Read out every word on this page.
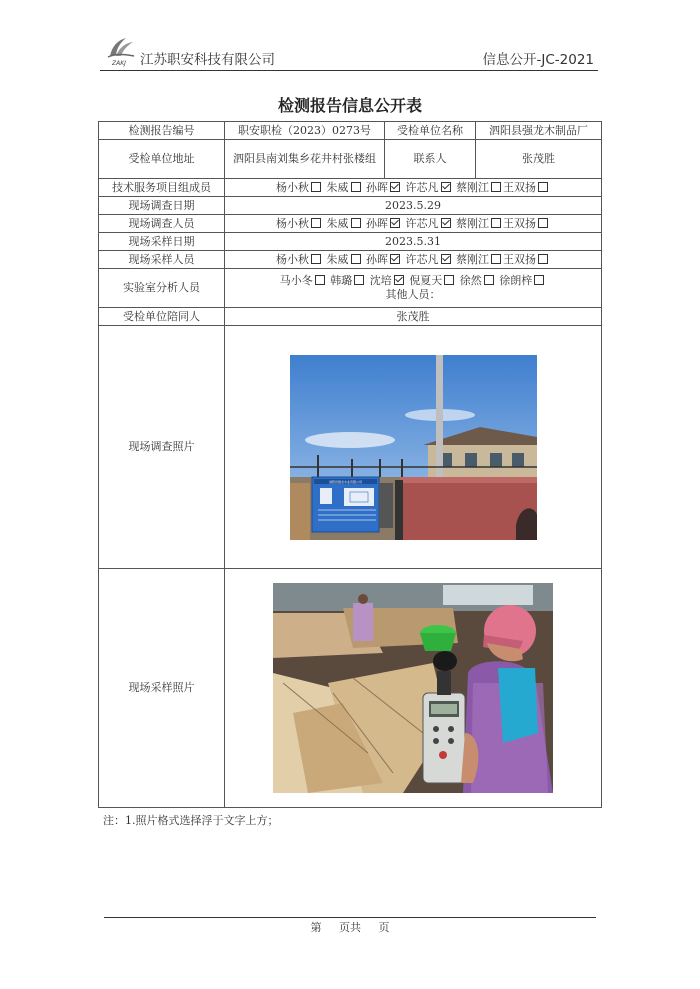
ZAKJ 江苏职安科技有限公司	信息公开-JC-2021
检测报告信息公开表
检测报告编号	职安职检（2023）0273号	受检单位名称	泗阳县强龙木制品厂
受检单位地址	泗阳县南刘集乡花井村张楼组	联系人	张茂胜
技术服务项目组成员	杨小秋 朱威 孙晖 许芯凡 蔡刚江 王双扬		
现场调查日期	2023.5.29		
现场调查人员	杨小秋 朱威 孙晖 许芯凡 蔡刚江 王双扬		
现场采样日期	2023.5.31		
现场采样人员	杨小秋 朱威 孙晖 许芯凡 蔡刚江 王双扬		
实验室分析人员	马小冬 韩璐 沈培 倪夏天 徐然 徐朗梓
其他人员：		

受检单位陪同人	张茂胜		
现场调查照片	泗阳县强龙木业有限公司		

现场采样照片	
注：1.照片格式选择浮于文字上方；
第 页共 页
